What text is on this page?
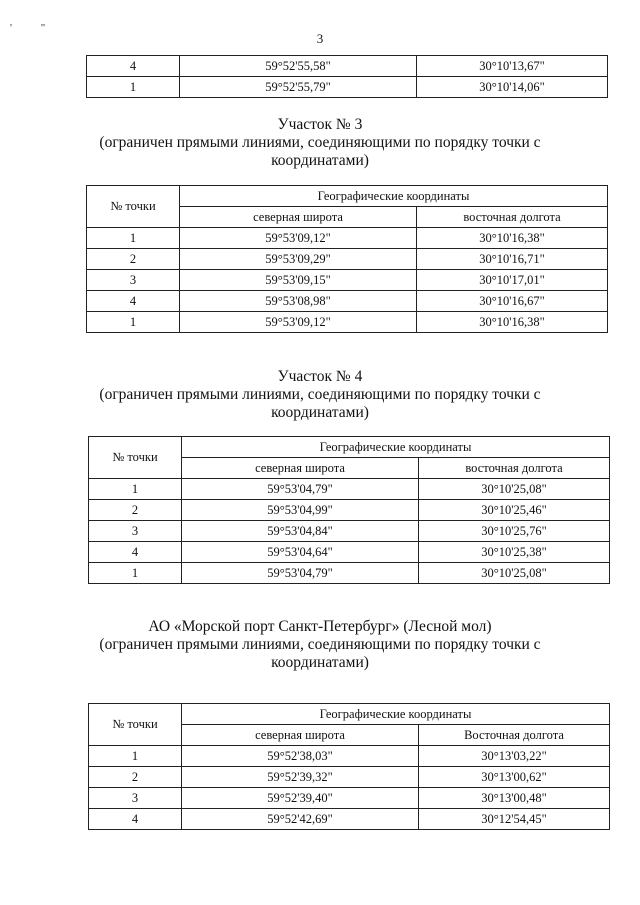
'	"
3
4	59°52'55,58"	30°10'13,67"
1	59°52'55,79"	30°10'14,06"
Участок № 3
(ограничен прямыми линиями, соединяющими по порядку точки с
координатами)
№ точки	Географические координаты	
	северная широта	восточная долгота
1	59°53'09,12"	30°10'16,38"
2	59°53'09,29"	30°10'16,71"
3	59°53'09,15"	30°10'17,01"
4	59°53'08,98"	30°10'16,67"
1	59°53'09,12"	30°10'16,38"
Участок № 4
(ограничен прямыми линиями, соединяющими по порядку точки с
координатами)
№ точки	Географические координаты	
	северная широта	восточная долгота
1	59°53'04,79"	30°10'25,08"
2	59°53'04,99"	30°10'25,46"
3	59°53'04,84"	30°10'25,76"
4	59°53'04,64"	30°10'25,38"
1	59°53'04,79"	30°10'25,08"
АО «Морской порт Санкт-Петербург» (Лесной мол)
(ограничен прямыми линиями, соединяющими по порядку точки с
координатами)
№ точки	Географические координаты	
	северная широта	Восточная долгота
1	59°52'38,03"	30°13'03,22"
2	59°52'39,32"	30°13'00,62"
3	59°52'39,40"	30°13'00,48"
4	59°52'42,69"	30°12'54,45"
